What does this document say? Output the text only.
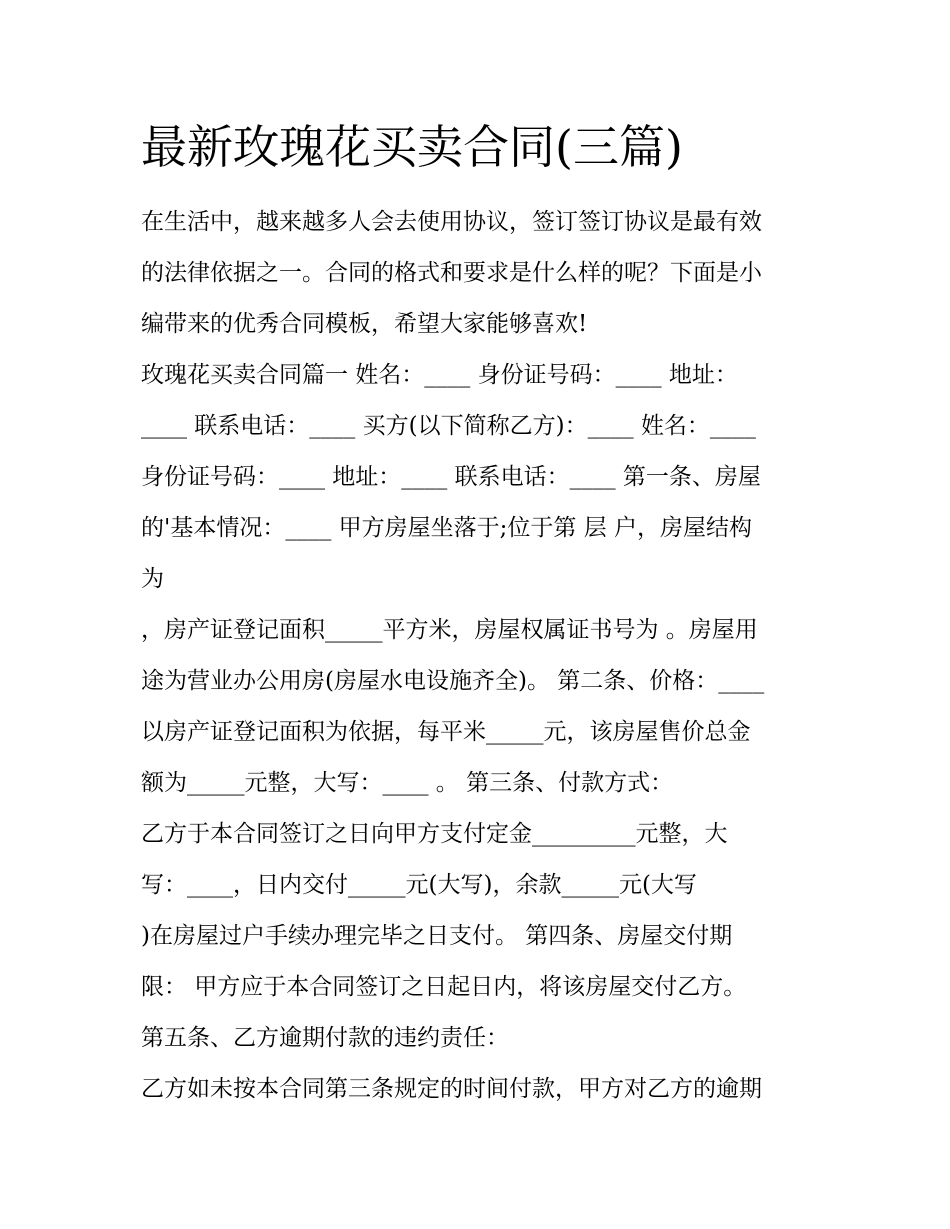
最新玫瑰花买卖合同(三篇)

在生活中，越来越多人会去使用协议，签订签订协议是最有效

的法律依据之一。合同的格式和要求是什么样的呢？下面是小

编带来的优秀合同模板，希望大家能够喜欢!

玫瑰花买卖合同篇一 姓名：____ 身份证号码：____ 地址：

____ 联系电话：____ 买方(以下简称乙方)：____ 姓名：____

身份证号码：____ 地址：____ 联系电话：____ 第一条、房屋

的'基本情况：____ 甲方房屋坐落于;位于第 层 户，房屋结构

为

，房产证登记面积_____平方米，房屋权属证书号为 。房屋用

途为营业办公用房(房屋水电设施齐全)。 第二条、价格：____

以房产证登记面积为依据，每平米_____元，该房屋售价总金

额为_____元整，大写：____ 。 第三条、付款方式：

乙方于本合同签订之日向甲方支付定金_________元整，大

写：____，日内交付_____元(大写)，余款_____元(大写

)在房屋过户手续办理完毕之日支付。 第四条、房屋交付期

限： 甲方应于本合同签订之日起日内，将该房屋交付乙方。

第五条、乙方逾期付款的违约责任：

乙方如未按本合同第三条规定的时间付款，甲方对乙方的逾期
